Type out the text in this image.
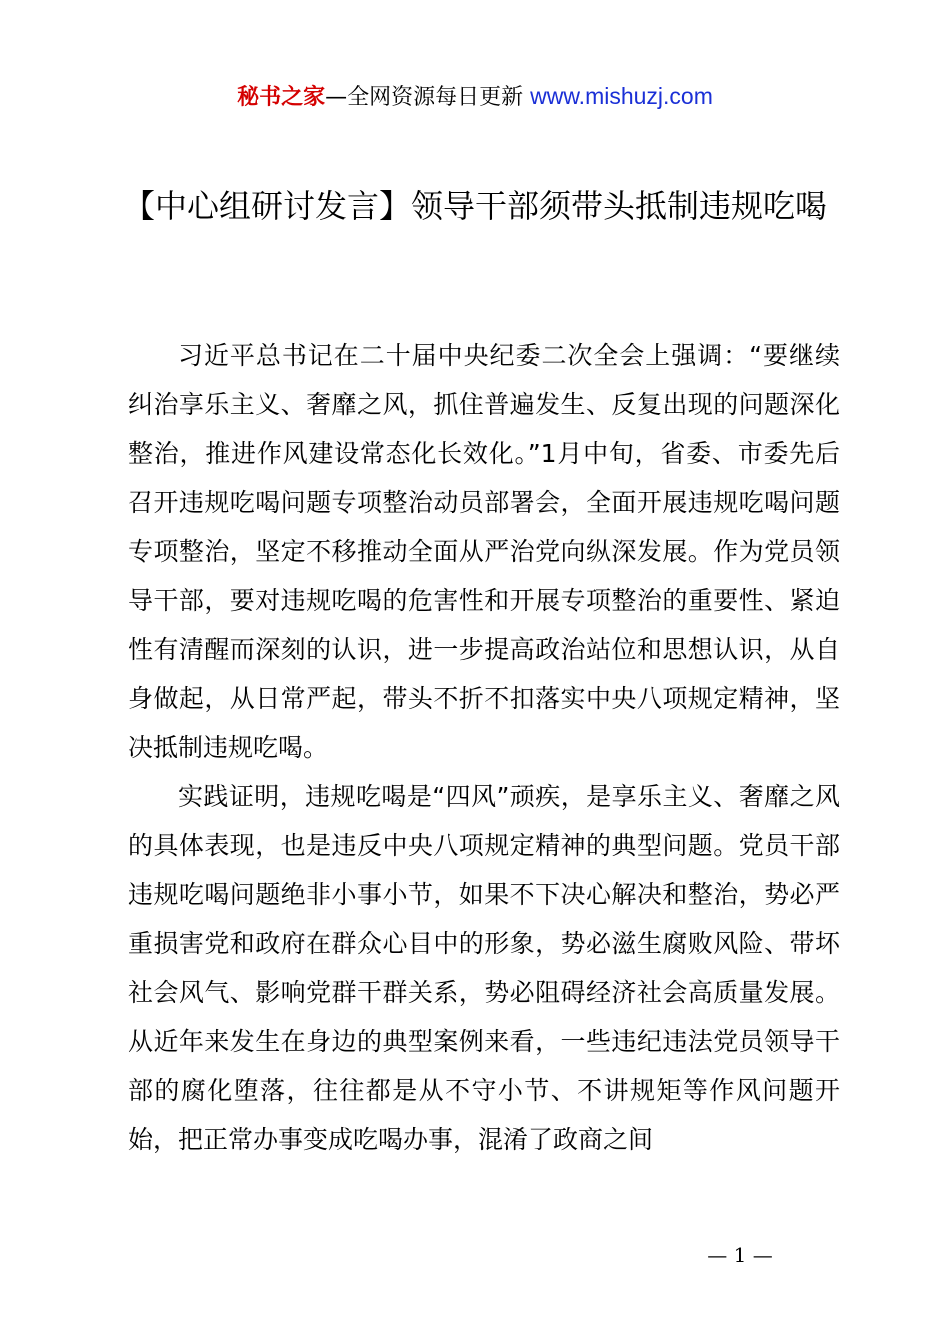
秘书之家—全网资源每日更新 www.mishuzj.com
【中心组研讨发言】领导干部须带头抵制违规吃喝

习近平总书记在二十届中央纪委二次全会上强调：“要继续纠治享乐主义、奢靡之风，抓住普遍发生、反复出现的问题深化整治，推进作风建设常态化长效化。”1月中旬，省委、市委先后召开违规吃喝问题专项整治动员部署会，全面开展违规吃喝问题专项整治，坚定不移推动全面从严治党向纵深发展。作为党员领导干部，要对违规吃喝的危害性和开展专项整治的重要性、紧迫性有清醒而深刻的认识，进一步提高政治站位和思想认识，从自身做起，从日常严起，带头不折不扣落实中央八项规定精神，坚决抵制违规吃喝。

实践证明，违规吃喝是“四风”顽疾，是享乐主义、奢靡之风的具体表现，也是违反中央八项规定精神的典型问题。党员干部违规吃喝问题绝非小事小节，如果不下决心解决和整治，势必严重损害党和政府在群众心目中的形象，势必滋生腐败风险、带坏社会风气、影响党群干群关系，势必阻碍经济社会高质量发展。从近年来发生在身边的典型案例来看，一些违纪违法党员领导干部的腐化堕落，往往都是从不守小节、不讲规矩等作风问题开始，把正常办事变成吃喝办事，混淆了政商之间

— 1 —
